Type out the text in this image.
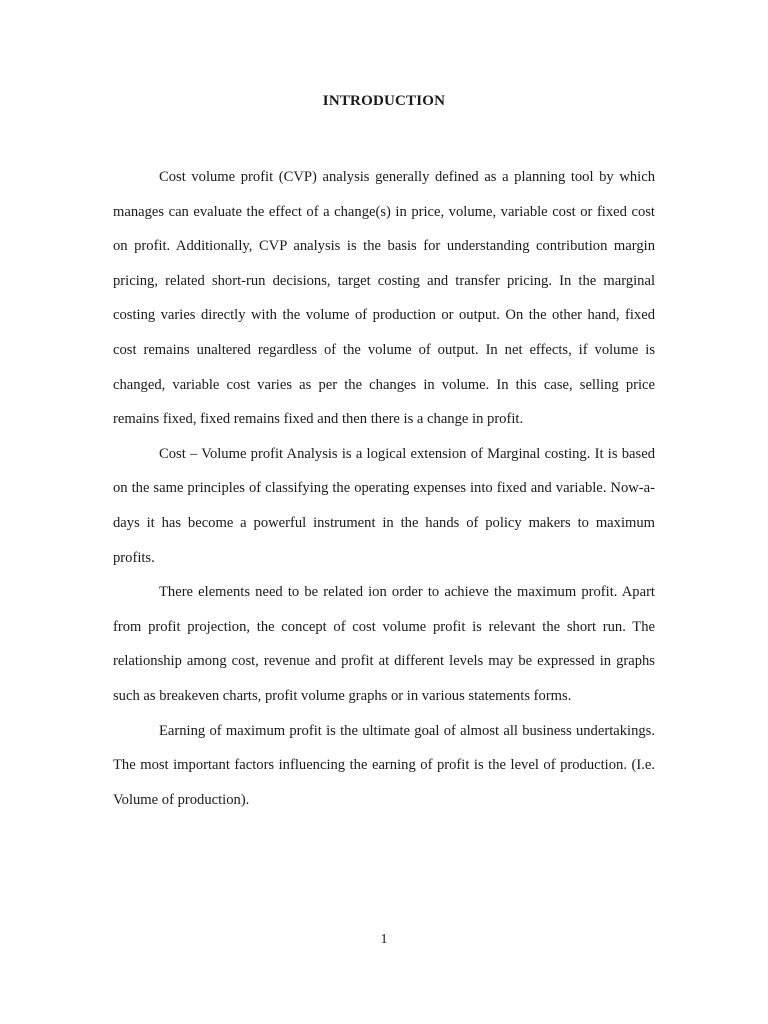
INTRODUCTION

Cost volume profit (CVP) analysis generally defined as a planning tool by which manages can evaluate the effect of a change(s) in price, volume, variable cost or fixed cost on profit. Additionally, CVP analysis is the basis for understanding contribution margin pricing, related short-run decisions, target costing and transfer pricing. In the marginal costing varies directly with the volume of production or output. On the other hand, fixed cost remains unaltered regardless of the volume of output. In net effects, if volume is changed, variable cost varies as per the changes in volume. In this case, selling price remains fixed, fixed remains fixed and then there is a change in profit.

Cost – Volume profit Analysis is a logical extension of Marginal costing. It is based on the same principles of classifying the operating expenses into fixed and variable. Now-a-days it has become a powerful instrument in the hands of policy makers to maximum profits.

There elements need to be related ion order to achieve the maximum profit. Apart from profit projection, the concept of cost volume profit is relevant the short run. The relationship among cost, revenue and profit at different levels may be expressed in graphs such as breakeven charts, profit volume graphs or in various statements forms.

Earning of maximum profit is the ultimate goal of almost all business undertakings. The most important factors influencing the earning of profit is the level of production. (I.e. Volume of production).

1
